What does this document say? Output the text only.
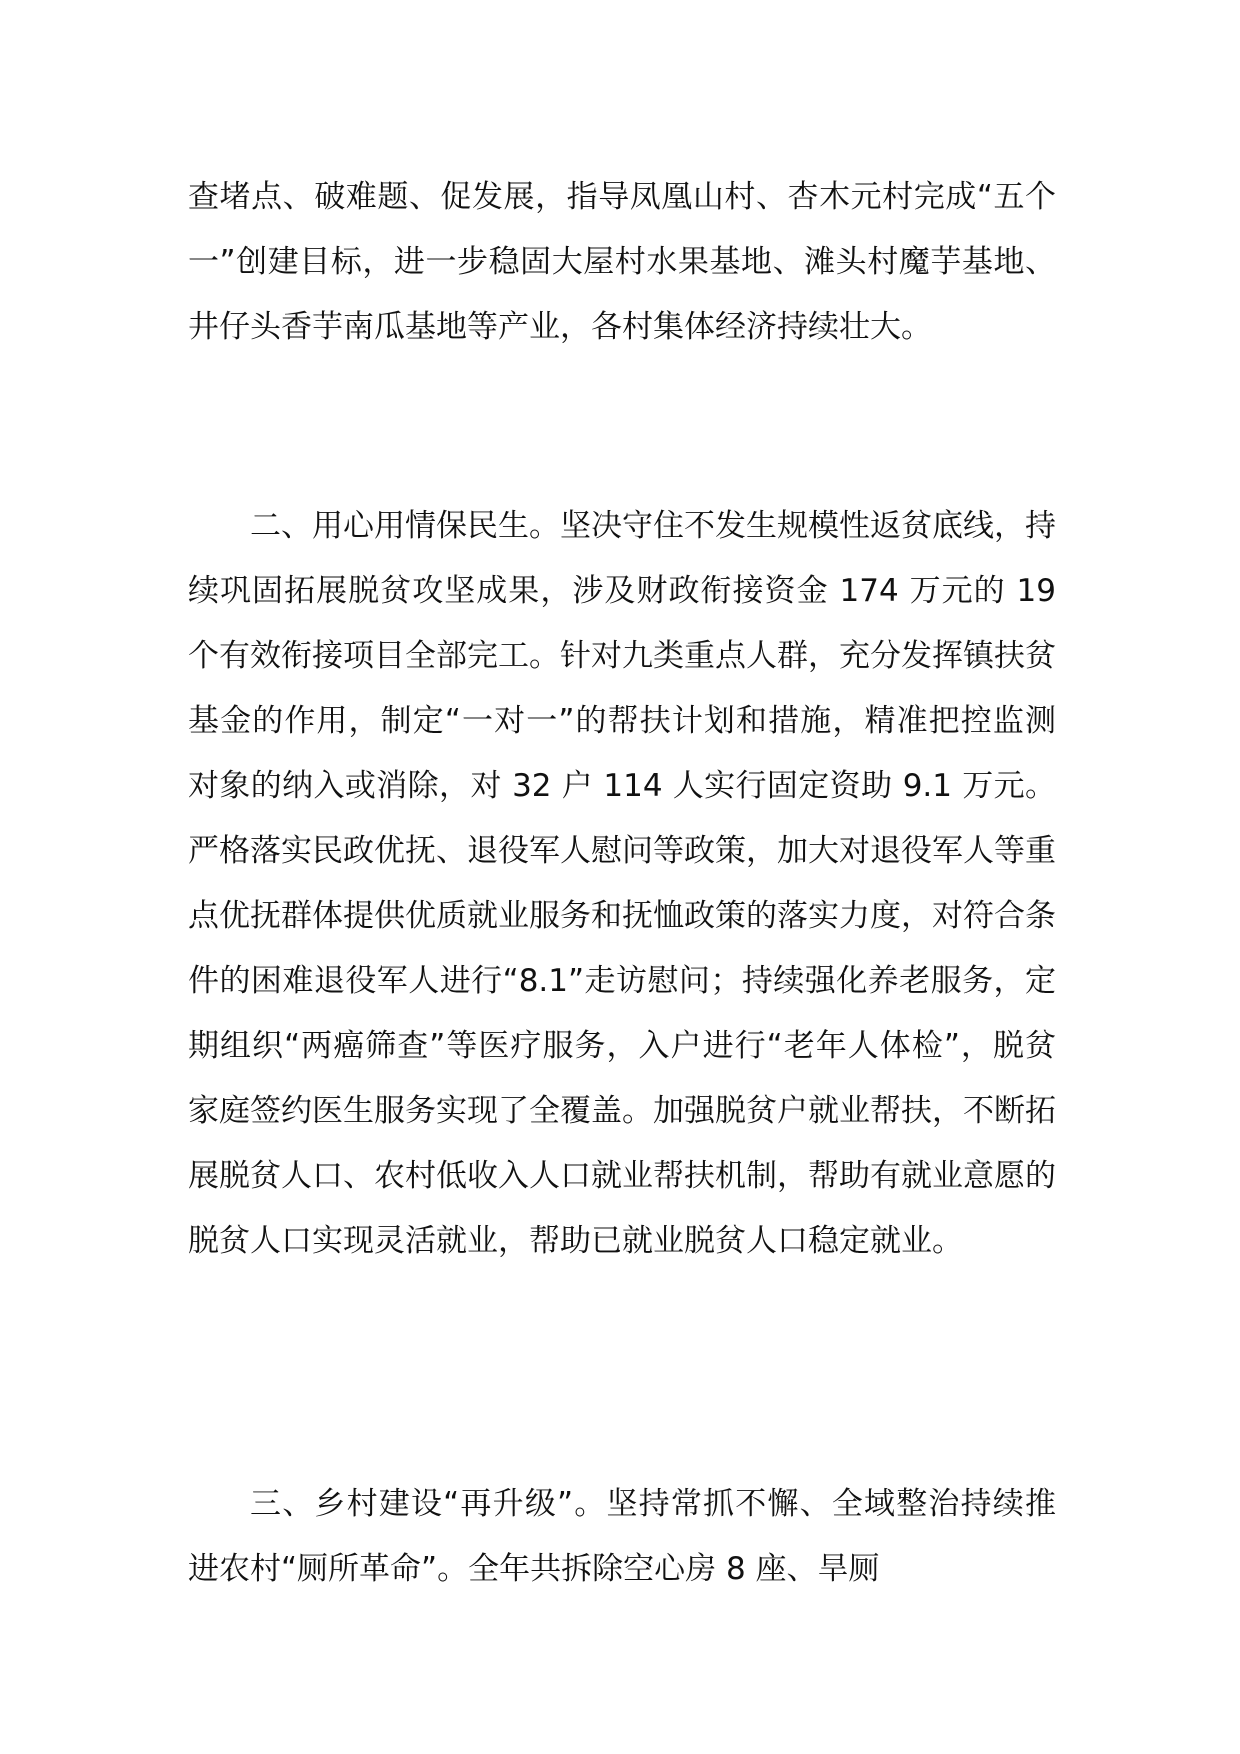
查堵点、破难题、促发展，指导凤凰山村、杏木元村完成“五个一”创建目标，进一步稳固大屋村水果基地、滩头村魔芋基地、井仔头香芋南瓜基地等产业，各村集体经济持续壮大。

二、用心用情保民生。坚决守住不发生规模性返贫底线，持续巩固拓展脱贫攻坚成果，涉及财政衔接资金 174 万元的 19 个有效衔接项目全部完工。针对九类重点人群，充分发挥镇扶贫基金的作用，制定“一对一”的帮扶计划和措施，精准把控监测对象的纳入或消除，对 32 户 114 人实行固定资助 9.1 万元。严格落实民政优抚、退役军人慰问等政策，加大对退役军人等重点优抚群体提供优质就业服务和抚恤政策的落实力度，对符合条件的困难退役军人进行“8.1”走访慰问；持续强化养老服务，定期组织“两癌筛查”等医疗服务，入户进行“老年人体检”，脱贫家庭签约医生服务实现了全覆盖。加强脱贫户就业帮扶，不断拓展脱贫人口、农村低收入人口就业帮扶机制，帮助有就业意愿的脱贫人口实现灵活就业，帮助已就业脱贫人口稳定就业。

三、乡村建设“再升级”。坚持常抓不懈、全域整治持续推进农村“厕所革命”。全年共拆除空心房 8 座、旱厕
